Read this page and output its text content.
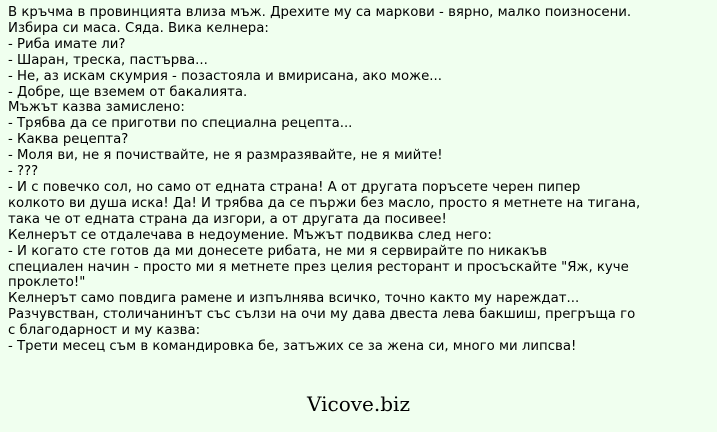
В кръчма в провинцията влиза мъж. Дрехите му са маркови - вярно, малко поизносени.
Избира си маса. Сяда. Вика келнера:
- Риба имате ли?
- Шаран, треска, пастърва...
- Не, аз искам скумрия - позастояла и вмирисана, ако може...
- Добре, ще вземем от бакалията.
Мъжът казва замислено:
- Трябва да се приготви по специална рецепта...
- Каква рецепта?
- Моля ви, не я почиствайте, не я размразявайте, не я мийте!
- ???
- И с повечко сол, но само от едната страна! А от другата поръсете черен пипер
колкото ви душа иска! Да! И трябва да се пържи без масло, просто я метнете на тигана,
така че от едната страна да изгори, а от другата да посивее!
Келнерът се отдалечава в недоумение. Мъжът подвиква след него:
- И когато сте готов да ми донесете рибата, не ми я сервирайте по никакъв
специален начин - просто ми я метнете през целия ресторант и просъскайте "Яж, куче
проклето!"
Келнерът само повдига рамене и изпълнява всичко, точно както му нареждат...
Разчувстван, столичанинът със сълзи на очи му дава двеста лева бакшиш, прегръща го
с благодарност и му казва:
- Трети месец съм в командировка бе, затъжих се за жена си, много ми липсва!
Vicove.biz
